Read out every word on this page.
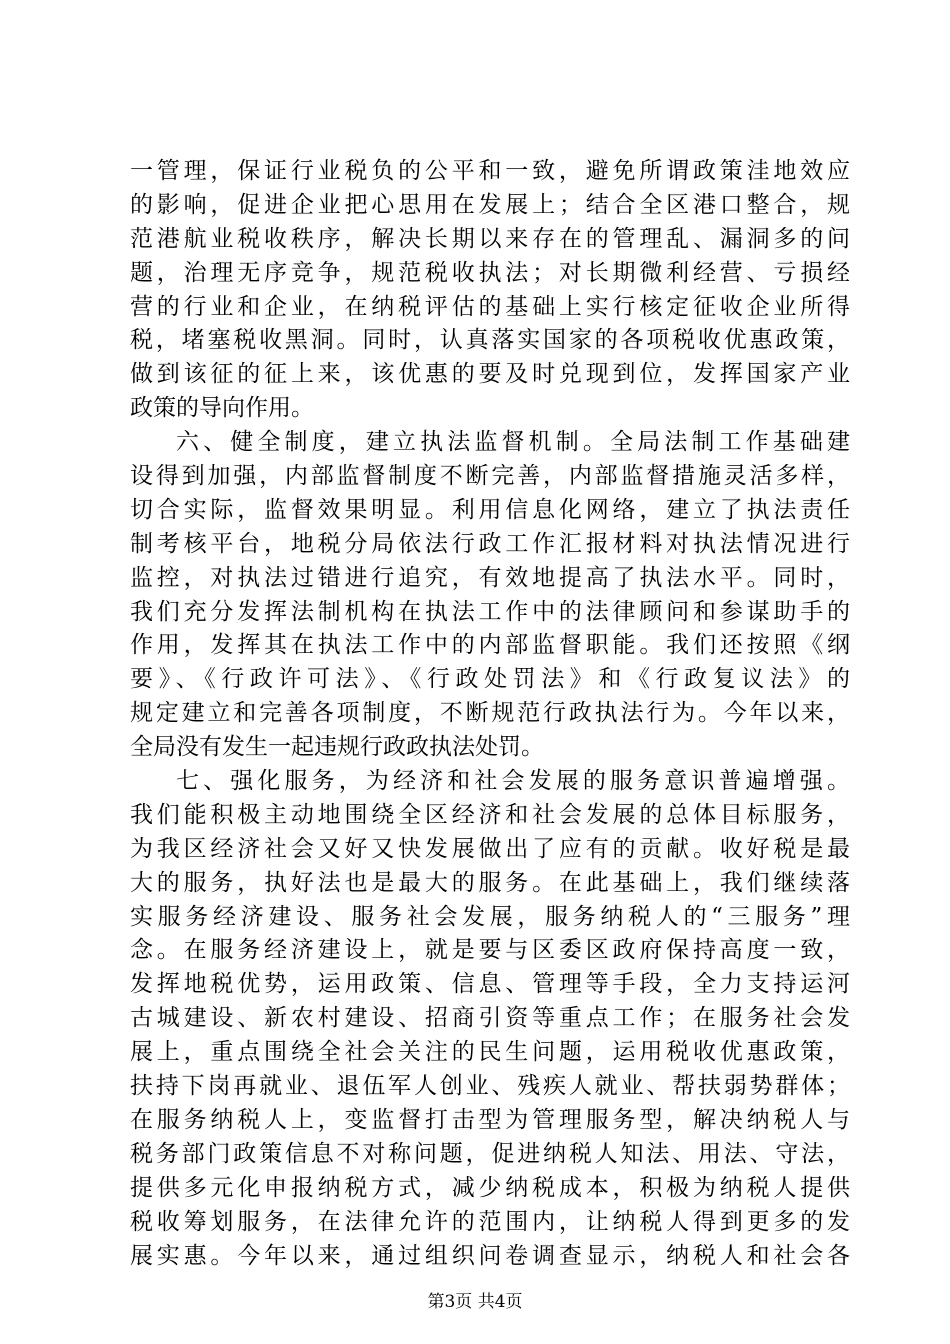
一管理，保证行业税负的公平和一致，避免所谓政策洼地效应
的影响，促进企业把心思用在发展上；结合全区港口整合，规
范港航业税收秩序，解决长期以来存在的管理乱、漏洞多的问
题，治理无序竞争，规范税收执法；对长期微利经营、亏损经
营的行业和企业，在纳税评估的基础上实行核定征收企业所得
税，堵塞税收黑洞。同时，认真落实国家的各项税收优惠政策，
做到该征的征上来，该优惠的要及时兑现到位，发挥国家产业
政策的导向作用。
六、健全制度，建立执法监督机制。全局法制工作基础建
设得到加强，内部监督制度不断完善，内部监督措施灵活多样，
切合实际，监督效果明显。利用信息化网络，建立了执法责任
制考核平台，地税分局依法行政工作汇报材料对执法情况进行
监控，对执法过错进行追究，有效地提高了执法水平。同时，
我们充分发挥法制机构在执法工作中的法律顾问和参谋助手的
作用，发挥其在执法工作中的内部监督职能。我们还按照《纲
要》、《行政许可法》、《行政处罚法》和《行政复议法》的
规定建立和完善各项制度，不断规范行政执法行为。今年以来，
全局没有发生一起违规行政政执法处罚。
七、强化服务，为经济和社会发展的服务意识普遍增强。
我们能积极主动地围绕全区经济和社会发展的总体目标服务，
为我区经济社会又好又快发展做出了应有的贡献。收好税是最
大的服务，执好法也是最大的服务。在此基础上，我们继续落
实服务经济建设、服务社会发展，服务纳税人的“三服务”理
念。在服务经济建设上，就是要与区委区政府保持高度一致，
发挥地税优势，运用政策、信息、管理等手段，全力支持运河
古城建设、新农村建设、招商引资等重点工作；在服务社会发
展上，重点围绕全社会关注的民生问题，运用税收优惠政策，
扶持下岗再就业、退伍军人创业、残疾人就业、帮扶弱势群体；
在服务纳税人上，变监督打击型为管理服务型，解决纳税人与
税务部门政策信息不对称问题，促进纳税人知法、用法、守法，
提供多元化申报纳税方式，减少纳税成本，积极为纳税人提供
税收筹划服务，在法律允许的范围内，让纳税人得到更多的发
展实惠。今年以来，通过组织问卷调查显示，纳税人和社会各
第3页 共4页
